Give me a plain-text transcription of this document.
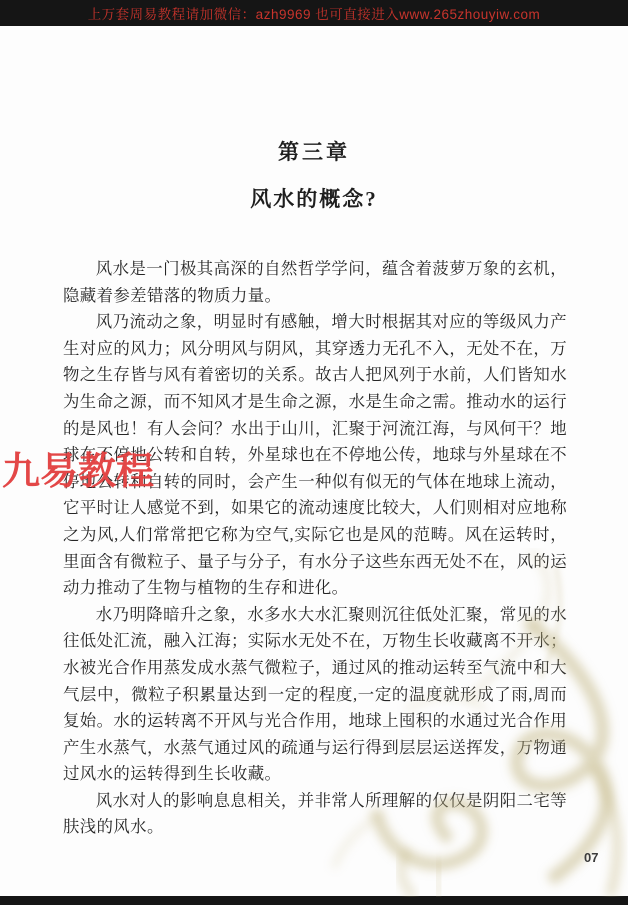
上万套周易教程请加微信：azh9969 也可直接进入www.265zhouyiw.com
第三章
风水的概念?

风水是一门极其高深的自然哲学学问，蕴含着菠萝万象的玄机，隐藏着参差错落的物质力量。

风乃流动之象，明显时有感触，增大时根据其对应的等级风力产生对应的风力；风分明风与阴风，其穿透力无孔不入，无处不在，万物之生存皆与风有着密切的关系。故古人把风列于水前，人们皆知水为生命之源，而不知风才是生命之源，水是生命之需。推动水的运行的是风也！有人会问？水出于山川，汇聚于河流江海，与风何干？地球在不停地公转和自转，外星球也在不停地公传，地球与外星球在不停地公转和自转的同时，会产生一种似有似无的气体在地球上流动，它平时让人感觉不到，如果它的流动速度比较大，人们则相对应地称之为风,人们常常把它称为空气,实际它也是风的范畴。风在运转时，里面含有微粒子、量子与分子，有水分子这些东西无处不在，风的运动力推动了生物与植物的生存和进化。

水乃明降暗升之象，水多水大水汇聚则沉往低处汇聚，常见的水往低处汇流，融入江海；实际水无处不在，万物生长收藏离不开水；水被光合作用蒸发成水蒸气微粒子，通过风的推动运转至气流中和大气层中，微粒子积累量达到一定的程度,一定的温度就形成了雨,周而复始。水的运转离不开风与光合作用，地球上囤积的水通过光合作用产生水蒸气，水蒸气通过风的疏通与运行得到层层运送挥发，万物通过风水的运转得到生长收藏。

风水对人的影响息息相关，并非常人所理解的仅仅是阴阳二宅等肤浅的风水。

九易教程
07
